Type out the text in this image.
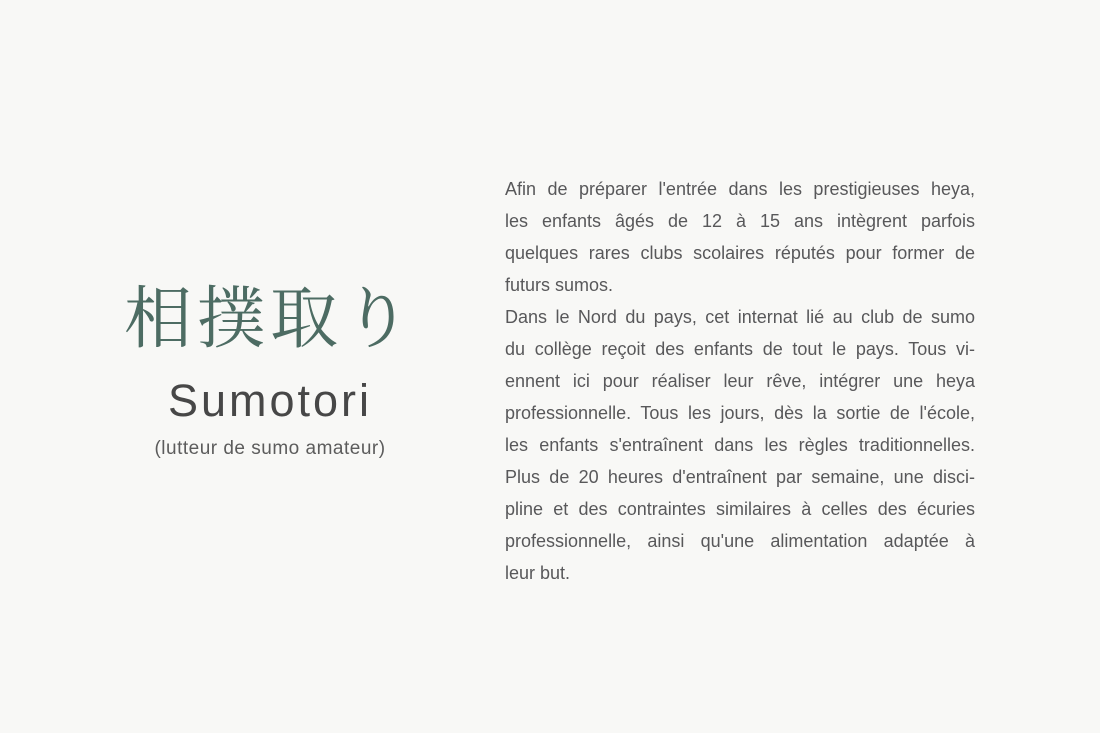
相撲取り
Sumotori
(lutteur de sumo amateur)
Afin de préparer l'entrée dans les prestigieuses heya,
les enfants âgés de 12 à 15 ans intègrent parfois
quelques rares clubs scolaires réputés pour former de
futurs sumos.
Dans le Nord du pays, cet internat lié au club de sumo
du collège reçoit des enfants de tout le pays. Tous vi-
ennent ici pour réaliser leur rêve, intégrer une heya
professionnelle. Tous les jours, dès la sortie de l'école,
les enfants s'entraînent dans les règles traditionnelles.
Plus de 20 heures d'entraînent par semaine, une disci-
pline et des contraintes similaires à celles des écuries
professionnelle, ainsi qu'une alimentation adaptée à
leur but.
